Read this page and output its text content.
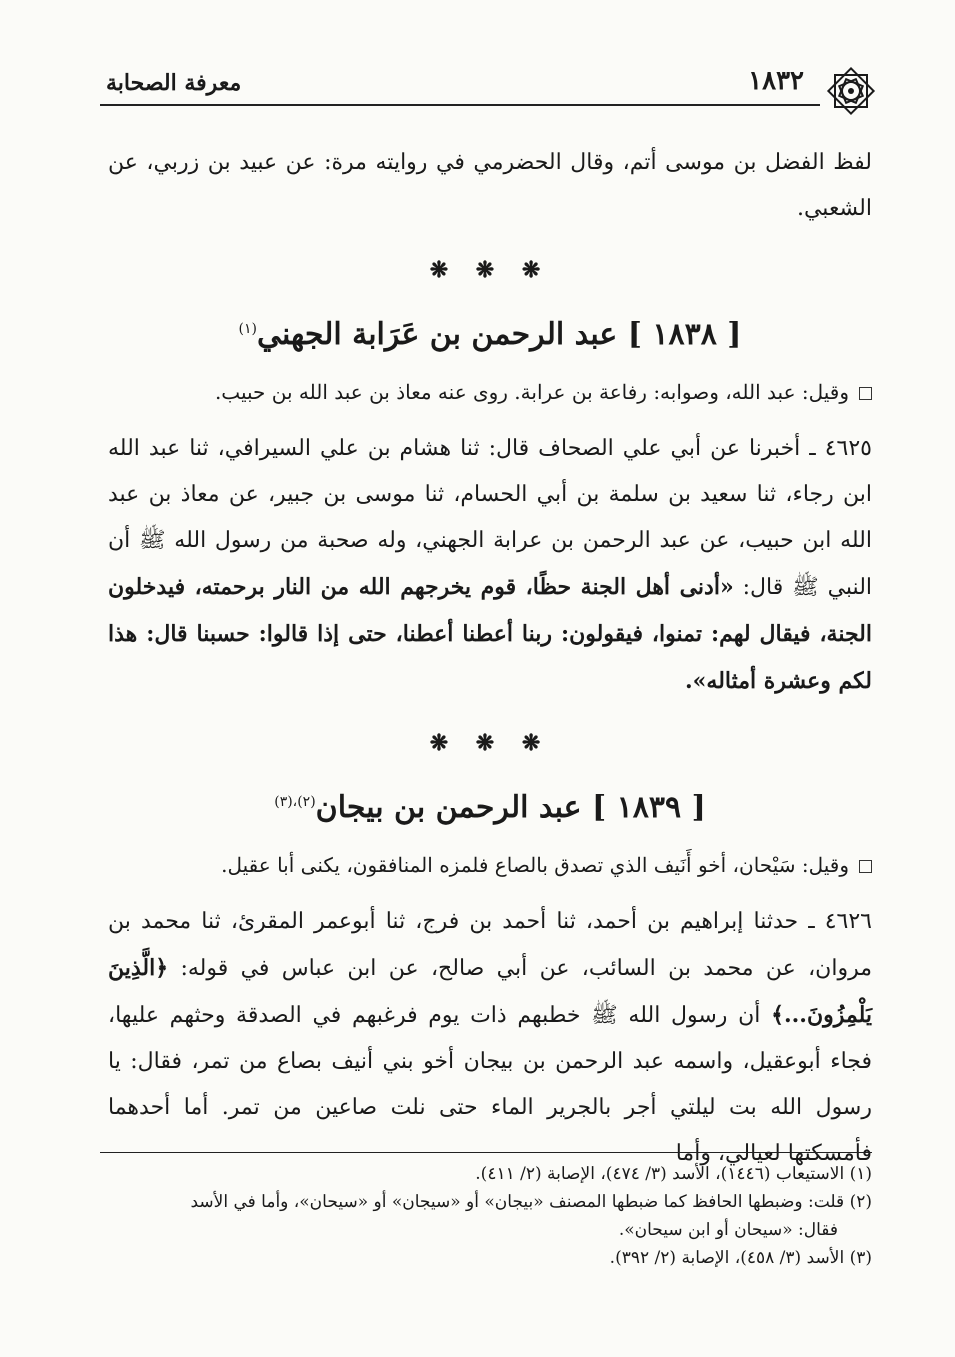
معرفة الصحابة	١٨٣٢

لفظ الفضل بن موسى أتم، وقال الحضرمي في روايته مرة: عن عبيد بن زربي، عن الشعبي.

❋ ❋ ❋
[ ١٨٣٨ ] عبد الرحمن بن عَرَابة الجهني$^{(١)}$

وقيل: عبد الله، وصوابه: رفاعة بن عرابة. روى عنه معاذ بن عبد الله بن حبيب.

٤٦٢٥ ـ أخبرنا عن أبي علي الصحاف قال: ثنا هشام بن علي السيرافي، ثنا عبد الله ابن رجاء، ثنا سعيد بن سلمة بن أبي الحسام، ثنا موسى بن جبير، عن معاذ بن عبد الله ابن حبيب، عن عبد الرحمن بن عرابة الجهني، وله صحبة من رسول الله ﷺ أن النبي ﷺ قال: «أدنى أهل الجنة حظًا، قوم يخرجهم الله من النار برحمته، فيدخلون الجنة، فيقال لهم: تمنوا، فيقولون: ربنا أعطنا أعطنا، حتى إذا قالوا: حسبنا قال: هذا لكم وعشرة أمثاله».

❋ ❋ ❋
[ ١٨٣٩ ] عبد الرحمن بن بيجان$^{(٢)،(٣)}$

وقيل: سَيْحان، أخو أَنَيف الذي تصدق بالصاع فلمزه المنافقون، يكنى أبا عقيل.

٤٦٢٦ ـ حدثنا إبراهيم بن أحمد، ثنا أحمد بن فرج، ثنا أبوعمر المقرئ، ثنا محمد بن مروان، عن محمد بن السائب، عن أبي صالح، عن ابن عباس في قوله: ﴿الَّذِينَ يَلْمِزُونَ...﴾ أن رسول الله ﷺ خطبهم ذات يوم فرغبهم في الصدقة وحثهم عليها، فجاء أبوعقيل، واسمه عبد الرحمن بن بيجان أخو بني أنيف بصاع من تمر، فقال: يا رسول الله بت ليلتي أجر بالجرير الماء حتى نلت صاعين من تمر. أما أحدهما فأمسكتها لعيالي، وأما

(١) الاستيعاب (١٤٤٦)، الأسد (٣/ ٤٧٤)، الإصابة (٢/ ٤١١).
(٢) قلت: وضبطها الحافظ كما ضبطها المصنف «بيجان» أو «سيجان» أو «سيحان»، وأما في الأسد
فقال: «سيحان أو ابن سيحان».
(٣) الأسد (٣/ ٤٥٨)، الإصابة (٢/ ٣٩٢).
